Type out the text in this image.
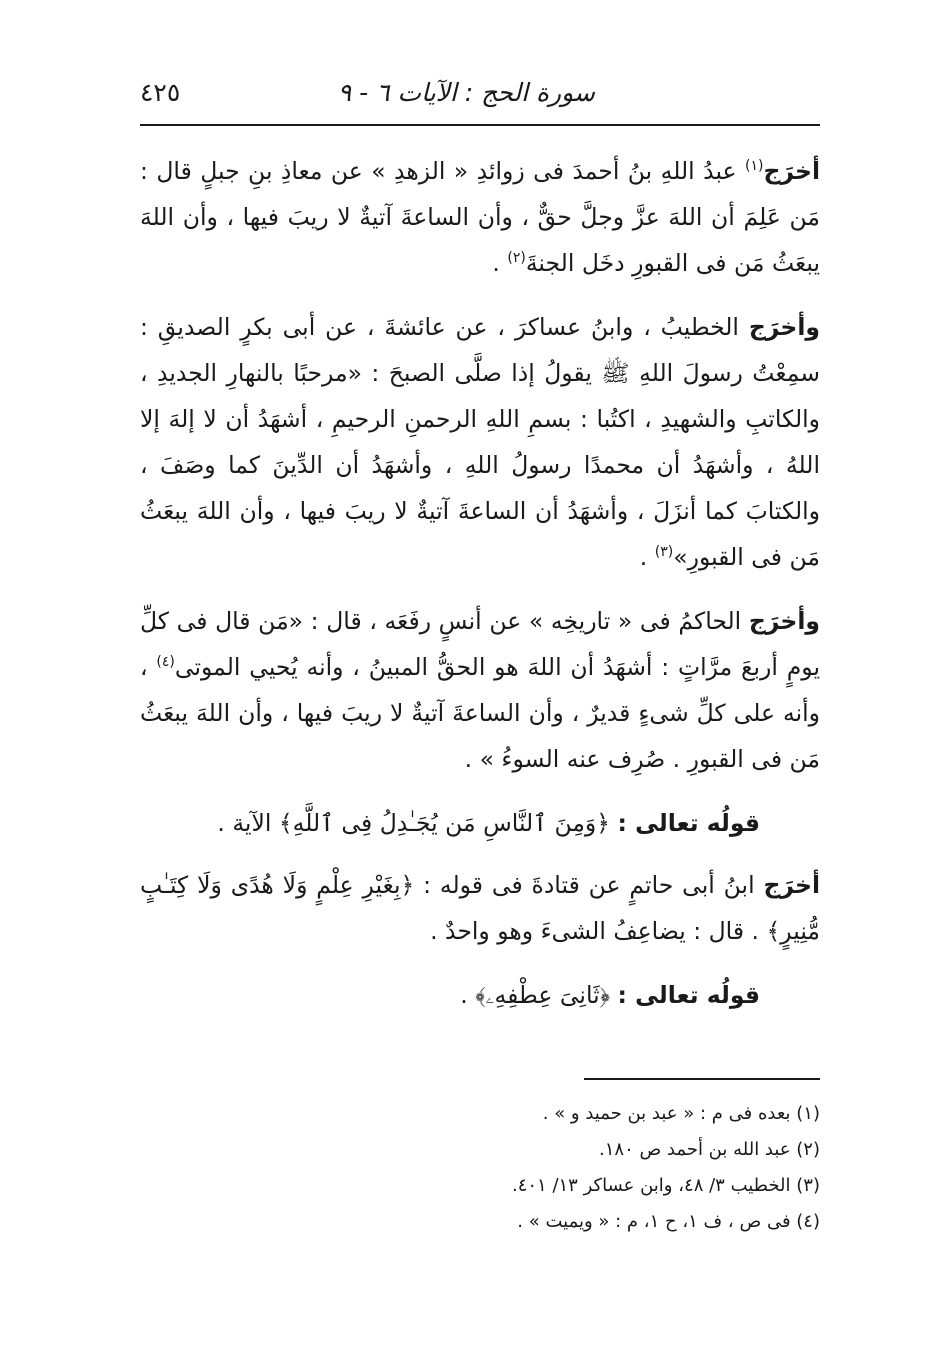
سورة الحج : الآيات ٦ - ٩
٤٢٥

أخرَج$^{(١)}$ عبدُ اللهِ بنُ أحمدَ فى زوائدِ « الزهدِ » عن معاذِ بنِ جبلٍ قال : مَن عَلِمَ أن اللهَ عزَّ وجلَّ حقٌّ ، وأن الساعةَ آتيةٌ لا ريبَ فيها ، وأن اللهَ يبعَثُ مَن فى القبورِ دخَل الجنةَ$^{(٢)}$ .

وأخرَج الخطيبُ ، وابنُ عساكرَ ، عن عائشةَ ، عن أبى بكرٍ الصديقِ : سمِعْتُ رسولَ اللهِ ﷺ يقولُ إذا صلَّى الصبحَ : «مرحبًا بالنهارِ الجديدِ ، والكاتبِ والشهيدِ ، اكتُبا : بسمِ اللهِ الرحمنِ الرحيمِ ، أشهَدُ أن لا إلهَ إلا اللهُ ، وأشهَدُ أن محمدًا رسولُ اللهِ ، وأشهَدُ أن الدِّينَ كما وصَفَ ، والكتابَ كما أنزَلَ ، وأشهَدُ أن الساعةَ آتيةٌ لا ريبَ فيها ، وأن اللهَ يبعَثُ مَن فى القبورِ»$^{(٣)}$ .

وأخرَج الحاكمُ فى « تاريخِه » عن أنسٍ رفَعَه ، قال : «مَن قال فى كلِّ يومٍ أربعَ مرَّاتٍ : أشهَدُ أن اللهَ هو الحقُّ المبينُ ، وأنه يُحيي الموتى$^{(٤)}$ ، وأنه على كلِّ شىءٍ قديرٌ ، وأن الساعةَ آتيةٌ لا ريبَ فيها ، وأن اللهَ يبعَثُ مَن فى القبورِ . صُرِف عنه السوءُ » .

قولُه تعالى : ﴿وَمِنَ ٱلنَّاسِ مَن يُجَـٰدِلُ فِى ٱللَّهِ﴾ الآية .

أخرَج ابنُ أبى حاتمٍ عن قتادةَ فى قوله : ﴿بِغَيْرِ عِلْمٍ وَلَا هُدًى وَلَا كِتَـٰبٍ مُّنِيرٍ﴾ . قال : يضاعِفُ الشىءَ وهو واحدٌ .

قولُه تعالى : ﴿ثَانِىَ عِطْفِهِۦ﴾ .

(١) بعده فى م : « عبد بن حميد و » .

(٢) عبد الله بن أحمد ص ١٨٠.

(٣) الخطيب ٣/ ٤٨، وابن عساكر ١٣/ ٤٠١.

(٤) فى ص ، ف ١، ح ١، م : « ويميت » .
